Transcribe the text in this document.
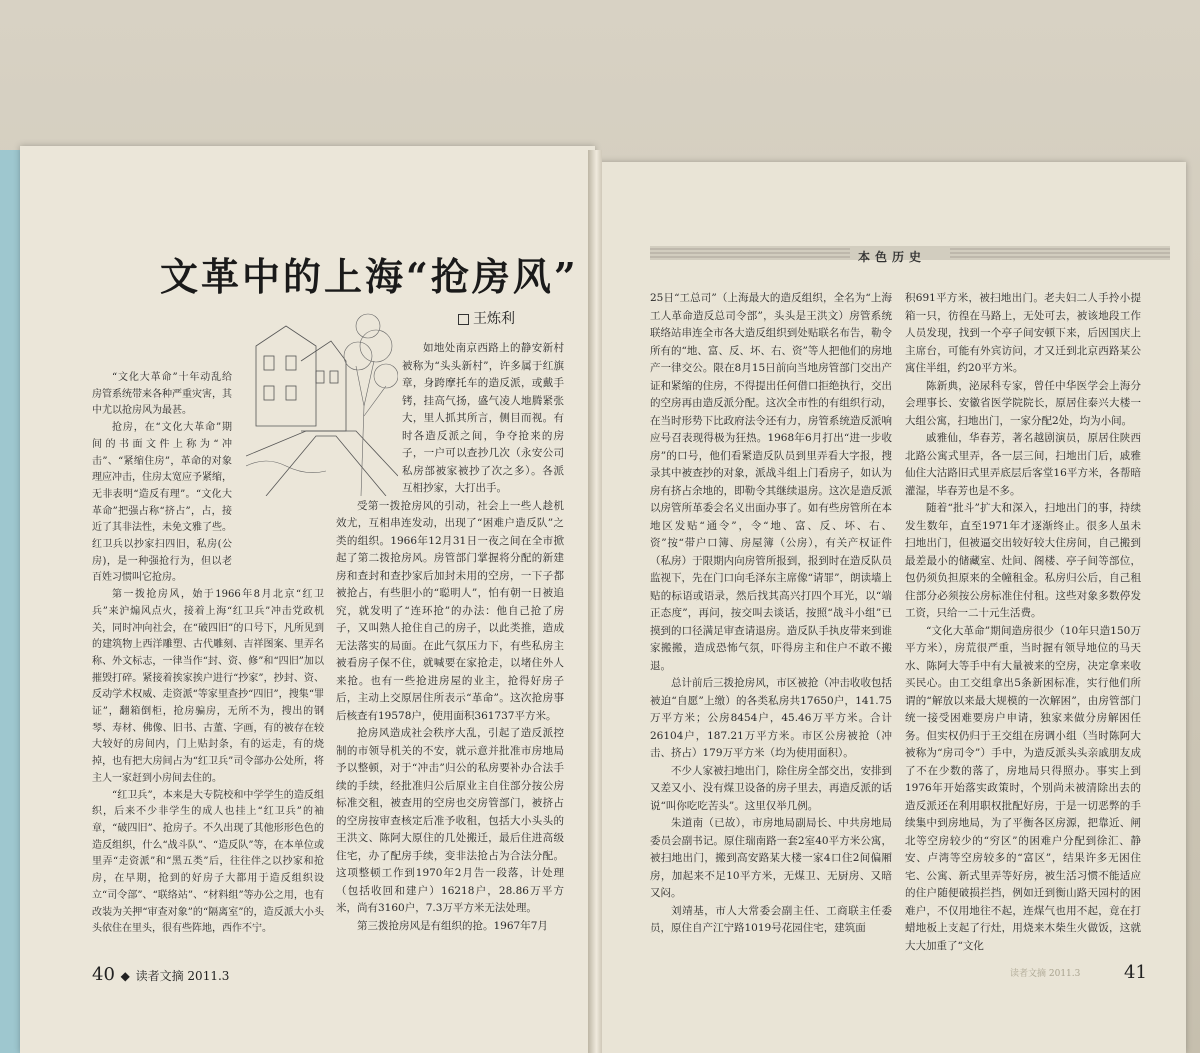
文革中的上海“抢房风”
王炼利

“文化大革命”十年动乱给房管系统带来各种严重灾害，其中尤以抢房风为最甚。

抢房，在“文化大革命”期间的书面文件上称为“冲击”、“紧缩住房”，革命的对象理应冲击，住房太宽应予紧缩，无非表明“造反有理”。“文化大革命”把强占称“挤占”，占，接近了其非法性，未免文雅了些。红卫兵以抄家扫四旧，私房(公房)，是一种强抢行为，但以老百姓习惯叫它抢房。

第一拨抢房风，始于1966年8月北京“红卫兵”来沪煽风点火，接着上海“红卫兵”冲击党政机关，同时冲向社会，在“破四旧”的口号下，凡所见到的建筑物上西洋雕塑、古代雕刻、吉祥图案、里弄名称、外文标志，一律当作“封、资、修”和“四旧”加以摧毁打碎。紧接着挨家挨户进行“抄家”，抄封、资、反动学术权威、走资派“等家里查抄“四旧”，搜集“罪证”，翻箱倒柜，抢房骗房，无所不为，搜出的钢琴、寿材、佛像、旧书、古董、字画，有的被存在较大较好的房间内，门上贴封条，有的运走，有的烧掉，也有把大房间占为“红卫兵”司令部办公处所，将主人一家赶到小房间去住的。

“红卫兵”，本来是大专院校和中学学生的造反组织，后来不少非学生的成人也挂上“红卫兵”的袖章，“破四旧”、抢房子。不久出现了其他形形色色的造反组织，什么“战斗队”、“造反队”等，在本单位或里弄“走资派”和“黑五类”后，往往伴之以抄家和抢房，在早期，抢到的好房子大都用于造反组织设立“司令部”、“联络站”、“材料组”等办公之用，也有改装为关押“审查对象”的“隔离室”的，造反派大小头头依住在里头，很有些阵地，西作不宁。

如地处南京西路上的静安新村被称为“头头新村”，许多属于红旗章，身跨摩托车的造反派，或戴手铐，挂高气扬，盛气凌人地腾紧张大，里人抓其所言，侧目而视。有时各造反派之间，争夺抢来的房子，一户可以查抄几次（永安公司私房部被家被抄了次之多）。各派互相抄家，大打出手。

受第一拨抢房风的引动，社会上一些人趁机效尤，互相串连发动，出现了“困难户造反队”之类的组织。1966年12月31日一夜之间在全市掀起了第二拨抢房风。房管部门掌握将分配的新建房和查封和查抄家后加封未用的空房，一下子都被抢占，有些胆小的“聪明人”，怕有朝一日被追究，就发明了“连环抢”的办法：他自己抢了房子，又叫熟人抢住自己的房子，以此类推，造成无法落实的局面。在此气氛压力下，有些私房主被看房子保不住，就喊要在家抢走，以堵住外人来抢。也有一些抢进房屋的业主，抢得好房子后，主动上交原居住所表示“革命”。这次抢房事后核查有19578户，使用面积361737平方米。

抢房风造成社会秩序大乱，引起了造反派控制的市领导机关的不安，就示意并批准市房地局予以整顿，对于“冲击”归公的私房要补办合法手续的手续，经批准归公后原业主自住部分按公房标准交租，被查用的空房也交房管部门，被挤占的空房按审查核定后准予收租，包括大小头头的王洪文、陈阿大原住的几处搬迁，最后住进高级住宅，办了配房手续，变非法抢占为合法分配。这项整顿工作到1970年2月告一段落，计处理（包括收回和建户）16218户，28.86万平方米，尚有3160户，7.3万平方米无法处理。

第三拨抢房风是有组织的抢。1967年7月

40 ◆ 读者文摘 2011.3
本色历史

25日“工总司”（上海最大的造反组织，全名为“上海工人革命造反总司令部”，头头是王洪文）房管系统联络站串连全市各大造反组织到处贴联名布告，勒令所有的“地、富、反、坏、右、资”等人把他们的房地产一律交公。限在8月15日前向当地房管部门交出产证和紧缩的住房，不得提出任何借口拒绝执行，交出的空房再由造反派分配。这次全市性的有组织行动，在当时形势下比政府法令还有力，房管系统造反派响应号召表现得极为狂热。1968年6月打出“进一步收房”的口号，他们看紧造反队员到里弄看大字报，搜录其中被查抄的对象，派战斗组上门看房子，如认为房有挤占余地的，即勒令其继续退房。这次是造反派以房管所革委会名义出面办事了。如有些房管所在本地区发贴“通令”，令“地、富、反、坏、右、资”按“带户口簿、房屋簿（公房），有关产权证件（私房）于限期内向房管所报到，报到时在造反队员监视下，先在门口向毛泽东主席像“请罪”，朗读墙上贴的标语或语录，然后找其高兴打四个耳光，以“端正态度”，再问，按交叫去谈话，按照“战斗小组”已摸到的口径满足审查请退房。造反队手执皮带来到谁家搬搬，造成恐怖气氛，吓得房主和住户不敢不搬退。

总计前后三拨抢房风，市区被抢（冲击收收包括被迫“自愿”上缴）的各类私房共17650户，141.75万平方米；公房8454户，45.46万平方米。合计26104户，187.21万平方米。市区公房被抢（冲击、挤占）179万平方米（均为使用面积）。

不少人家被扫地出门，除住房全部交出，安排到又差又小、没有煤卫设备的房子里去，再造反派的话说“叫你吃吃苦头”。这里仅举几例。

朱道南（已故），市房地局副局长、中共房地局委员会副书记。原住瑞南路一套2室40平方米公寓，被扫地出门，搬到高安路某大楼一家4口住2间偏厢房，加起来不足10平方米，无煤卫、无厨房、又暗又闷。

刘靖基，市人大常委会副主任、工商联主任委员，原住自产江宁路1019号花园住宅，建筑面

积691平方米，被扫地出门。老夫妇二人手拎小提箱一只，彷徨在马路上，无处可去，被该地段工作人员发现，找到一个亭子间安顿下来，后因国庆上主席台，可能有外宾访问，才又迁到北京西路某公寓住半组，约20平方米。

陈新典，泌尿科专家，曾任中华医学会上海分会理事长、安徽省医学院院长，原居住泰兴大楼一大组公寓，扫地出门，一家分配2处，均为小间。

戚雅仙，华春芳，著名越剧演员，原居住陕西北路公寓式里弄，各一层三间，扫地出门后，戚雅仙住大沽路旧式里弄底层后客堂16平方米，各帮暗灌湿，毕春芳也是不多。

随着“批斗”扩大和深入，扫地出门的事，持续发生数年，直至1971年才逐渐终止。很多人虽未扫地出门，但被逼交出较好较大住房间，自己搬到最差最小的储藏室、灶间、阁楼、亭子间等部位，包仍须负担原来的全幢租金。私房归公后，自己租住部分必须按公房标准住付租。这些对象多数停发工资，只给一二十元生活费。

“文化大革命”期间造房很少（10年只造150万平方米），房荒很严重，当时握有领导地位的马天水、陈阿大等手中有大量被来的空房，决定拿来收买民心。由工交组拿出5条新困标准，实行他们所谓的“解放以来最大规模的一次解困”，由房管部门统一接受困难要房户申请，独家来做分房解困任务。但实权仍归于王交组在房调小组（当时陈阿大被称为“房司令”）手中，为造反派头头亲戚朋友成了不在少数的落了，房地局只得照办。事实上到1976年开始落实政策时，个别尚未被清除出去的造反派还在利用职权批配好房，于是一切恶弊的手续集中到房地局，为了平衡各区房源，把靠近、闸北等空房较少的“穷区”的困难户分配到徐汇、静安、卢湾等空房较多的“富区”，结果许多无困住宅、公寓、新式里弄等好房，被生活习惯不能适应的住户随便破损拦挡，例如迁到衡山路天园村的困难户，不仅用地往不起，连煤气也用不起，竟在打蜡地板上支起了行灶，用烧来木柴生火做饭，这就大大加重了“文化

读者文摘 2011.3 41
